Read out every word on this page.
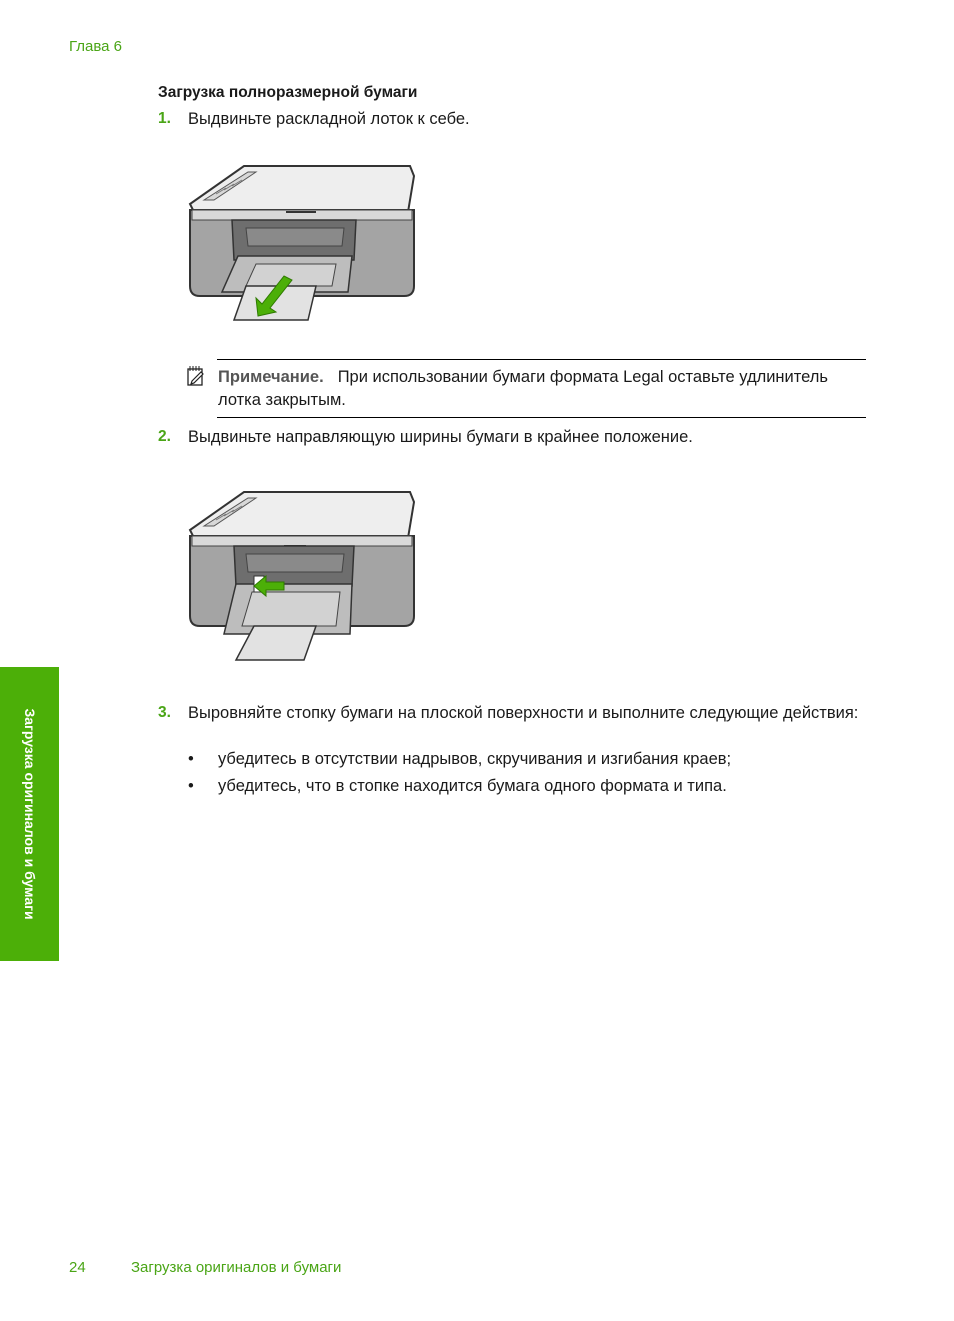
Глава 6
Загрузка полноразмерной бумаги
1. Выдвиньте раскладной лоток к себе.
Примечание. При использовании бумаги формата Legal оставьте удлинитель лотка закрытым.
2. Выдвиньте направляющую ширины бумаги в крайнее положение.
3. Выровняйте стопку бумаги на плоской поверхности и выполните следующие действия:
• убедитесь в отсутствии надрывов, скручивания и изгибания краев;
• убедитесь, что в стопке находится бумага одного формата и типа.
Загрузка оригиналов и бумаги
24	Загрузка оригиналов и бумаги
